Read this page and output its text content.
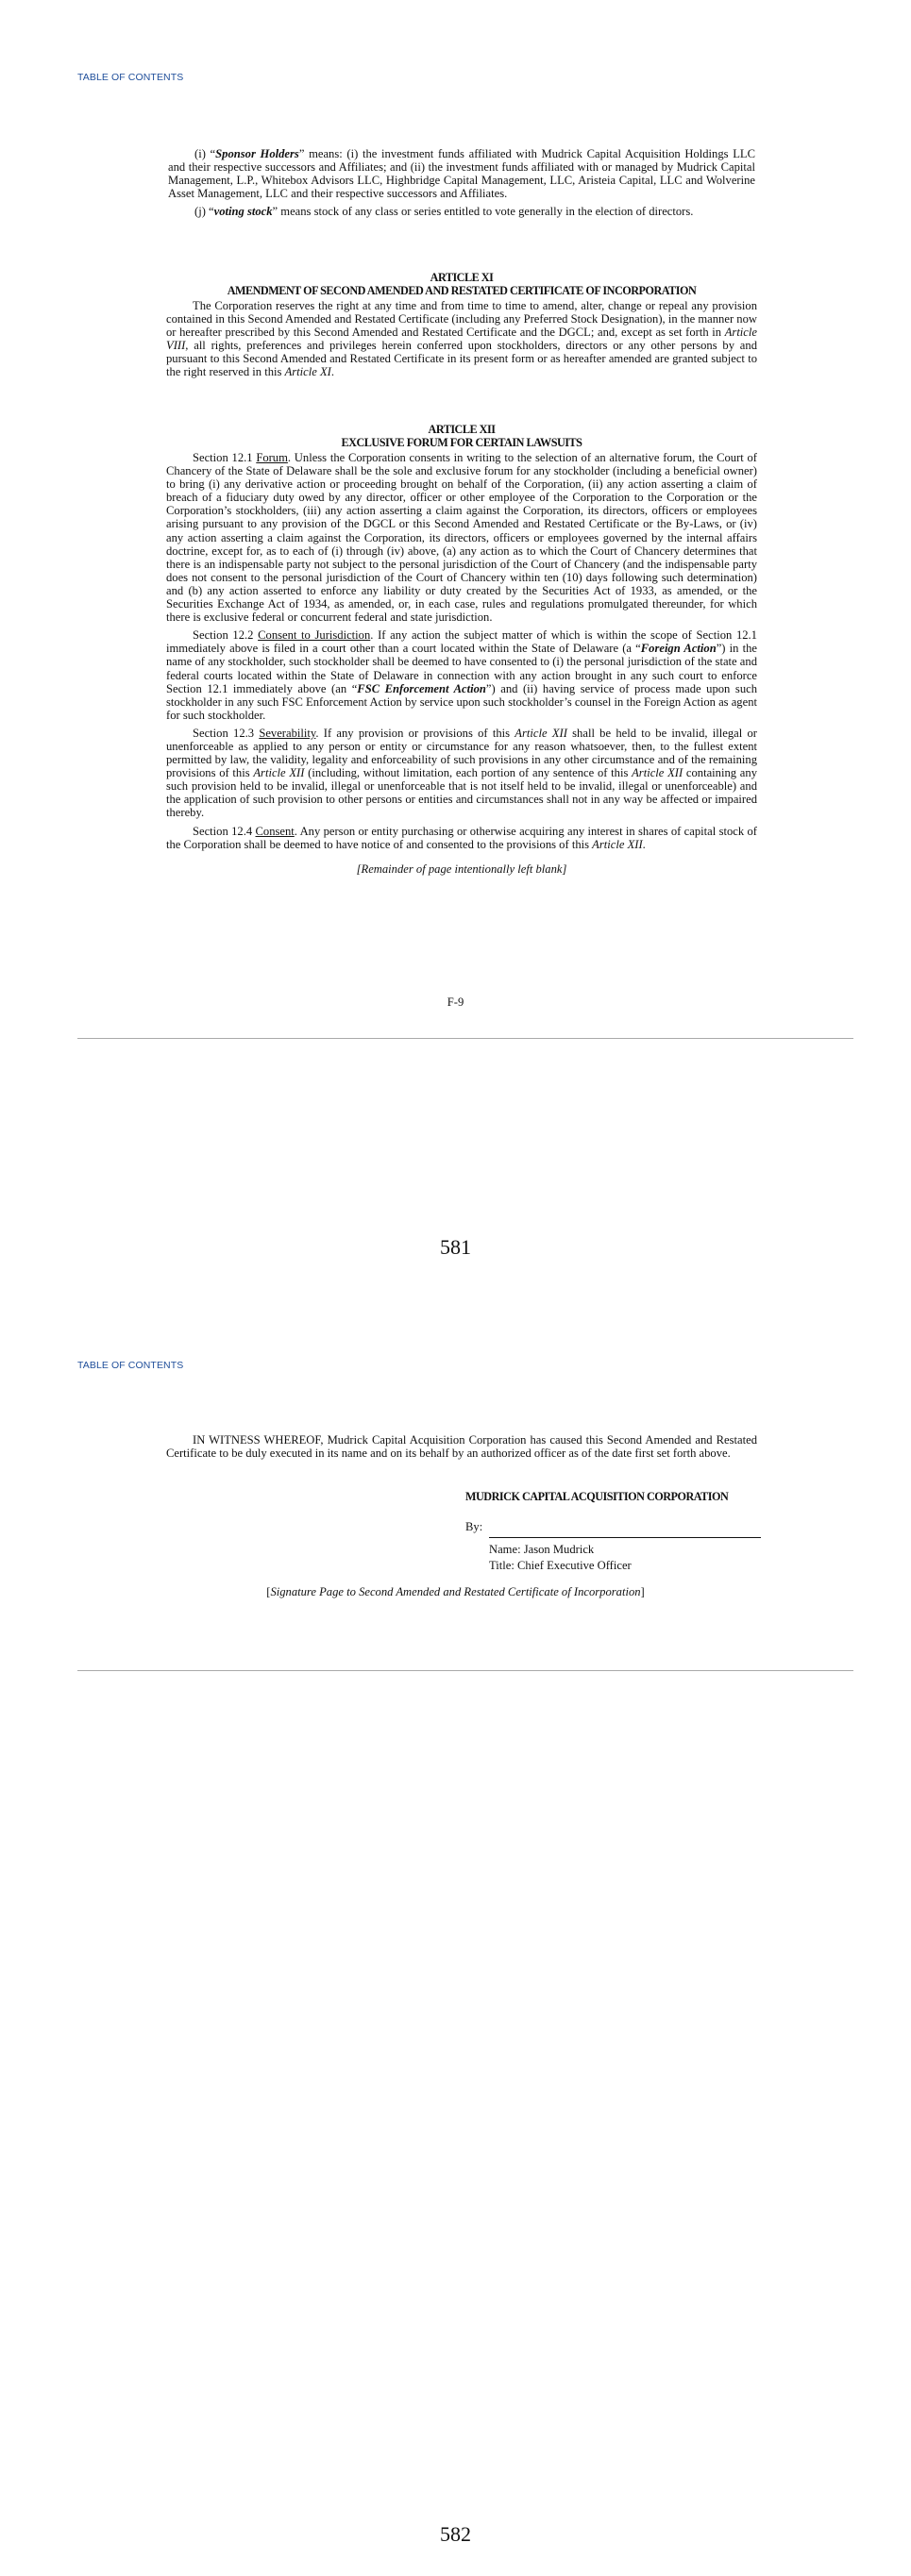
TABLE OF CONTENTS

(i) “Sponsor Holders” means: (i) the investment funds affiliated with Mudrick Capital Acquisition Holdings LLC and their respective successors and Affiliates; and (ii) the investment funds affiliated with or managed by Mudrick Capital Management, L.P., Whitebox Advisors LLC, Highbridge Capital Management, LLC, Aristeia Capital, LLC and Wolverine Asset Management, LLC and their respective successors and Affiliates.

(j) “voting stock” means stock of any class or series entitled to vote generally in the election of directors.

ARTICLE XI

AMENDMENT OF SECOND AMENDED AND RESTATED CERTIFICATE OF INCORPORATION

The Corporation reserves the right at any time and from time to time to amend, alter, change or repeal any provision contained in this Second Amended and Restated Certificate (including any Preferred Stock Designation), in the manner now or hereafter prescribed by this Second Amended and Restated Certificate and the DGCL; and, except as set forth in Article VIII, all rights, preferences and privileges herein conferred upon stockholders, directors or any other persons by and pursuant to this Second Amended and Restated Certificate in its present form or as hereafter amended are granted subject to the right reserved in this Article XI.

ARTICLE XII

EXCLUSIVE FORUM FOR CERTAIN LAWSUITS

Section 12.1 Forum. Unless the Corporation consents in writing to the selection of an alternative forum, the Court of Chancery of the State of Delaware shall be the sole and exclusive forum for any stockholder (including a beneficial owner) to bring (i) any derivative action or proceeding brought on behalf of the Corporation, (ii) any action asserting a claim of breach of a fiduciary duty owed by any director, officer or other employee of the Corporation to the Corporation or the Corporation’s stockholders, (iii) any action asserting a claim against the Corporation, its directors, officers or employees arising pursuant to any provision of the DGCL or this Second Amended and Restated Certificate or the By-Laws, or (iv) any action asserting a claim against the Corporation, its directors, officers or employees governed by the internal affairs doctrine, except for, as to each of (i) through (iv) above, (a) any action as to which the Court of Chancery determines that there is an indispensable party not subject to the personal jurisdiction of the Court of Chancery (and the indispensable party does not consent to the personal jurisdiction of the Court of Chancery within ten (10) days following such determination) and (b) any action asserted to enforce any liability or duty created by the Securities Act of 1933, as amended, or the Securities Exchange Act of 1934, as amended, or, in each case, rules and regulations promulgated thereunder, for which there is exclusive federal or concurrent federal and state jurisdiction.

Section 12.2 Consent to Jurisdiction. If any action the subject matter of which is within the scope of Section 12.1 immediately above is filed in a court other than a court located within the State of Delaware (a “Foreign Action”) in the name of any stockholder, such stockholder shall be deemed to have consented to (i) the personal jurisdiction of the state and federal courts located within the State of Delaware in connection with any action brought in any such court to enforce Section 12.1 immediately above (an “FSC Enforcement Action”) and (ii) having service of process made upon such stockholder in any such FSC Enforcement Action by service upon such stockholder’s counsel in the Foreign Action as agent for such stockholder.

Section 12.3 Severability. If any provision or provisions of this Article XII shall be held to be invalid, illegal or unenforceable as applied to any person or entity or circumstance for any reason whatsoever, then, to the fullest extent permitted by law, the validity, legality and enforceability of such provisions in any other circumstance and of the remaining provisions of this Article XII (including, without limitation, each portion of any sentence of this Article XII containing any such provision held to be invalid, illegal or unenforceable that is not itself held to be invalid, illegal or unenforceable) and the application of such provision to other persons or entities and circumstances shall not in any way be affected or impaired thereby.

Section 12.4 Consent. Any person or entity purchasing or otherwise acquiring any interest in shares of capital stock of the Corporation shall be deemed to have notice of and consented to the provisions of this Article XII.

[Remainder of page intentionally left blank]

F-9
581
TABLE OF CONTENTS

IN WITNESS WHEREOF, Mudrick Capital Acquisition Corporation has caused this Second Amended and Restated Certificate to be duly executed in its name and on its behalf by an authorized officer as of the date first set forth above.

MUDRICK CAPITAL ACQUISITION CORPORATION
By:
Name: Jason Mudrick
Title: Chief Executive Officer
[Signature Page to Second Amended and Restated Certificate of Incorporation]
582
